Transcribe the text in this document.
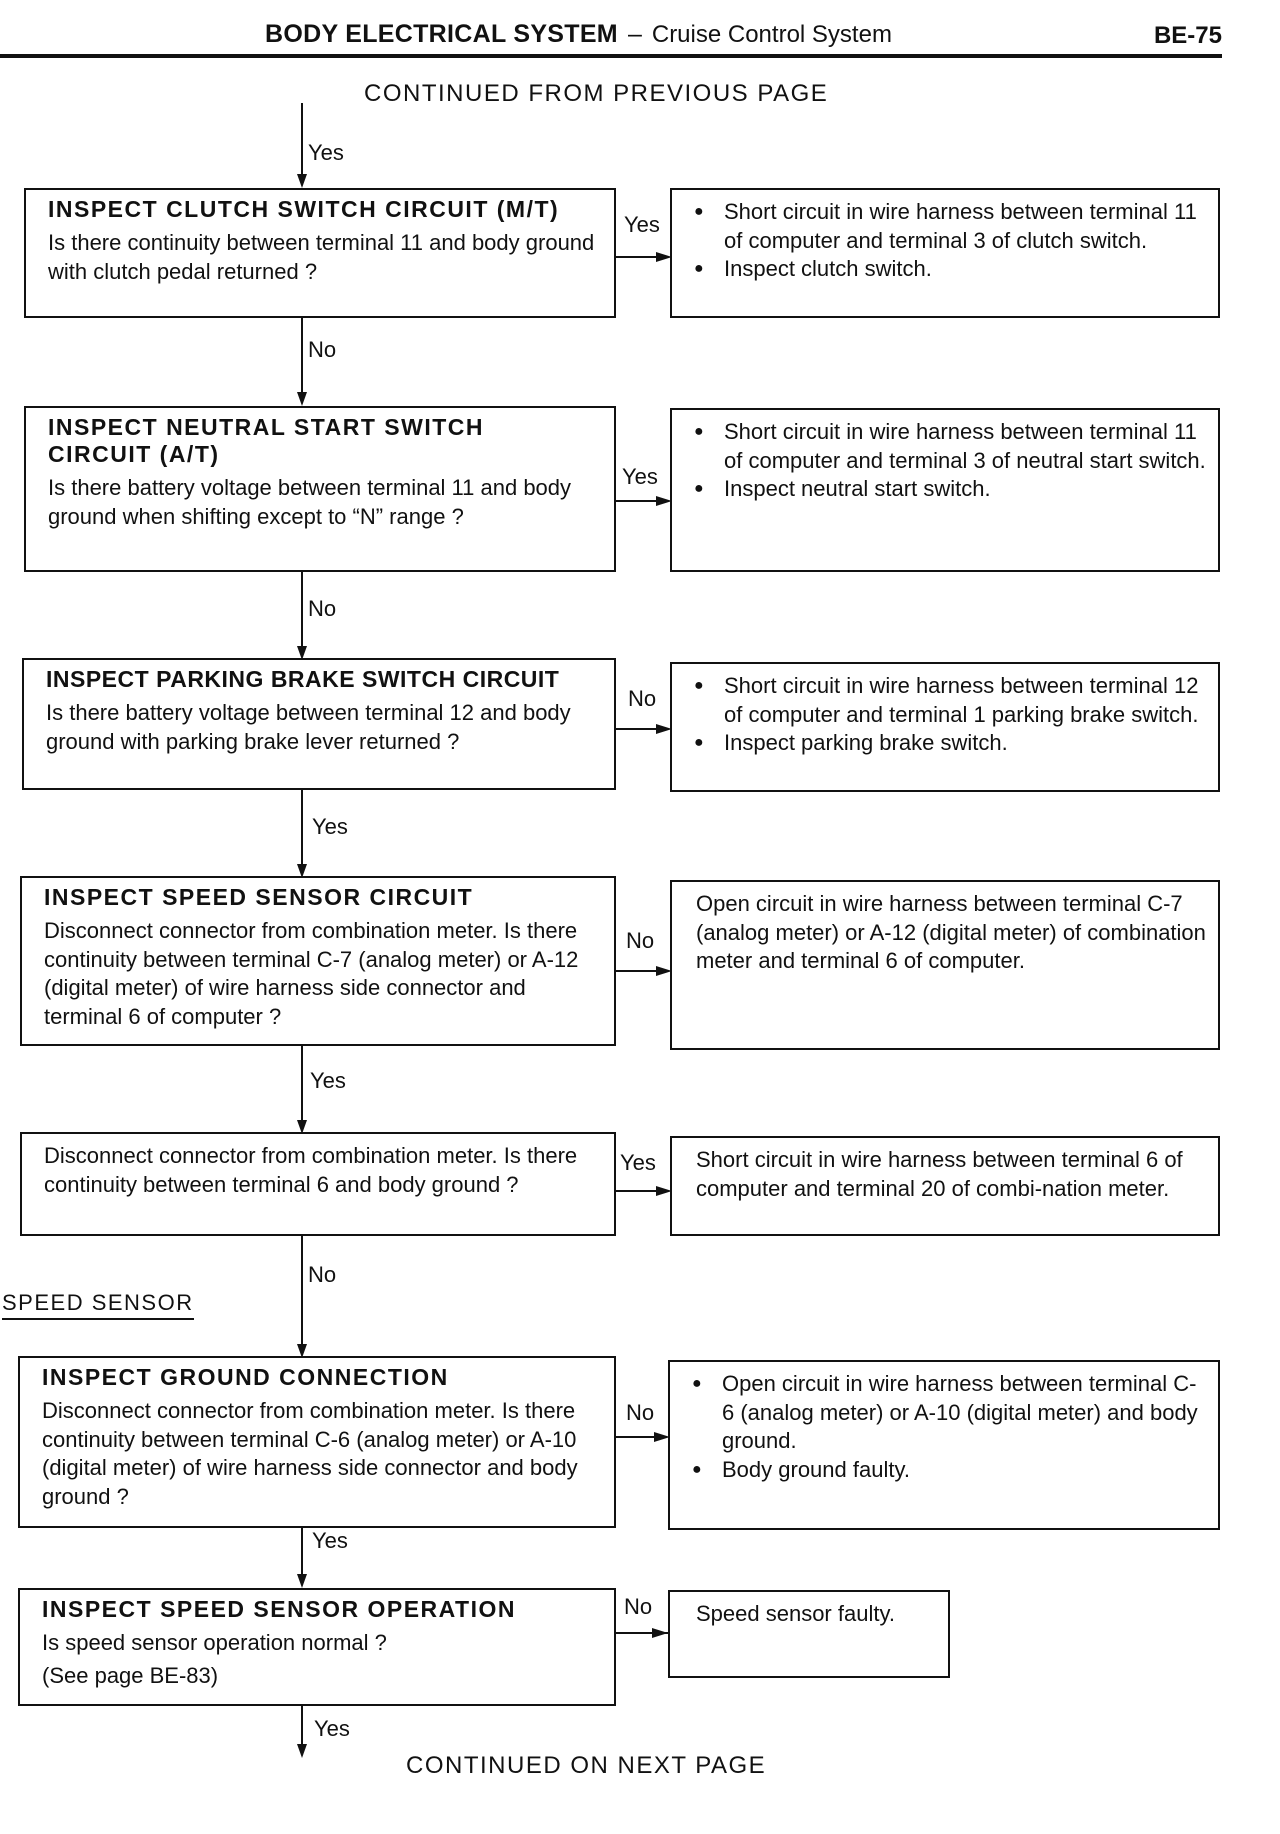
BODY ELECTRICAL SYSTEM – Cruise Control System	BE-75
CONTINUED FROM PREVIOUS PAGE
Yes
INSPECT CLUTCH SWITCH CIRCUIT (M/T)
Is there continuity between terminal 11 and body ground with clutch pedal returned ?
Yes
● Short circuit in wire harness between terminal 11 of computer and terminal 3 of clutch switch.
● Inspect clutch switch.
No
INSPECT NEUTRAL START SWITCH CIRCUIT (A/T)
Is there battery voltage between terminal 11 and body ground when shifting except to “N” range ?
Yes
● Short circuit in wire harness between terminal 11 of computer and terminal 3 of neutral start switch.
● Inspect neutral start switch.
No
INSPECT PARKING BRAKE SWITCH CIRCUIT
Is there battery voltage between terminal 12 and body ground with parking brake lever returned ?
No
● Short circuit in wire harness between terminal 12 of computer and terminal 1 parking brake switch.
● Inspect parking brake switch.
Yes
INSPECT SPEED SENSOR CIRCUIT
Disconnect connector from combination meter. Is there continuity between terminal C-7 (analog meter) or A-12 (digital meter) of wire harness side connector and terminal 6 of computer ?
No
Open circuit in wire harness between terminal C-7 (analog meter) or A-12 (digital meter) of combination meter and terminal 6 of computer.
Yes
Disconnect connector from combination meter. Is there continuity between terminal 6 and body ground ?
Yes Short circuit in wire harness between terminal 6 of computer and terminal 20 of combi-nation meter.
No
SPEED SENSOR
INSPECT GROUND CONNECTION
Disconnect connector from combination meter. Is there continuity between terminal C-6 (analog meter) or A-10 (digital meter) of wire harness side connector and body ground ?
No
● Open circuit in wire harness between terminal C-6 (analog meter) or A-10 (digital meter) and body ground.
● Body ground faulty.
Yes
INSPECT SPEED SENSOR OPERATION
Is speed sensor operation normal ?
(See page BE-83)
No Speed sensor faulty.
Yes
CONTINUED ON NEXT PAGE
